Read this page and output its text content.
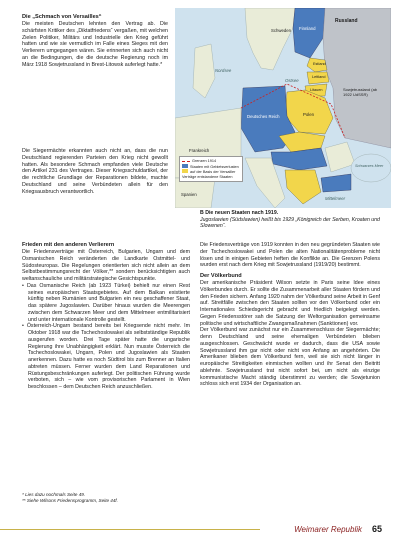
Die „Schmach von Versailles“
Die meisten Deutschen lehnten den Vertrag ab. Die schärfsten Kritiker des „Diktatfriedens“ vergaßen, mit welchen Zielen Politiker, Militärs und Industrielle den Krieg geführt hatten und wie sie vermutlich im Falle eines Sieges mit den Verlierern umgegangen wären. Sie erinnerten sich auch nicht an die Bedingungen, die die deutsche Regierung noch im März 1918 Sowjetrussland in Brest-Litowsk auferlegt hatte.*
Die Siegermächte erkannten auch nicht an, dass die nun Deutschland regierenden Parteien den Krieg nicht gewollt hatten. Als besondere Schmach empfanden viele Deutsche den Artikel 231 des Vertrages. Dieser Kriegsschuldartikel, der die rechtliche Grundlage der Reparationen bildete, machte Deutschland und seine Verbündeten allein für den Kriegsausbruch verantwortlich.
Schweden Finnland
Russland
Sowjetrussland (ab 1922 UdSSR)
Estland
Lettland
Litauen
Polen
Deutsches Reich
Nordsee
Ostsee
Frankreich
Spanien
Schwarzes Meer
Mittelmeer
Grenzen 1914
Staaten mit Gebietsverlusten
auf der Basis der Versailler Verträge entstandene Staaten
B Die neuen Staaten nach 1919.
Jugoslawien (Südslawien) heißt bis 1929 „Königreich der Serben, Kroaten und Slowenen“.
Frieden mit den anderen Verlierern
Die Friedensverträge mit Österreich, Bulgarien, Ungarn und dem Osmanischen Reich veränderten die Landkarte Ostmittel- und Südosteuropas. Die Regelungen orientierten sich nicht allein an dem Selbstbestimmungsrecht der Völker,** sondern berücksichtigten auch weltanschauliche und militärstrategische Gesichtspunkte.
• Das Osmanische Reich (ab 1923 Türkei) behielt nur einen Rest seines europäischen Staatsgebietes. Auf dem Balkan existierte künftig neben Rumänien und Bulgarien ein neu geschaffener Staat, das spätere Jugoslawien. Darüber hinaus wurden die Meerengen zwischen dem Schwarzen Meer und dem Mittelmeer entmilitarisiert und unter internationale Kontrolle gestellt.
• Österreich-Ungarn bestand bereits bei Kriegsende nicht mehr. Im Oktober 1918 war die Tschechoslowakei als selbstständige Republik ausgerufen worden. Drei Tage später hatte die ungarische Regierung ihre Unabhängigkeit erklärt. Nun musste Österreich die Tschechoslowakei, Ungarn, Polen und Jugoslawien als Staaten anerkennen. Dazu hatte es noch Südtirol bis zum Brenner an Italien abtreten müssen. Ferner wurden dem Land Reparationen und Rüstungsbeschränkungen auferlegt. Der politischen Führung wurde verboten, sich – wie vom provisorischen Parlament in Wien beschlossen – dem Deutschen Reich anzuschließen.
* Lies dazu nochmals Seite 49.
** Siehe Wilsons Friedensprogramm, Seite 44f.
Die Friedensverträge von 1919 konnten in den neu gegründeten Staaten wie der Tschechoslowakei und Polen die alten Nationalitätenprobleme nicht lösen und in einigen Gebieten heften die Konflikte an. Die Grenzen Polens wurden erst nach dem Krieg mit Sowjetrussland (1919/20) bestimmt.
Der Völkerbund
Der amerikanische Präsident Wilson setzte in Paris seine Idee eines Völkerbundes durch. Er sollte die Zusammenarbeit aller Staaten fördern und den Frieden sichern. Anfang 1920 nahm der Völkerbund seine Arbeit in Genf auf. Streitfälle zwischen den Staaten sollten vor den Völkerbund oder ein Internationales Schiedsgericht gebracht und friedlich beigelegt werden. Gegen Friedensstörer sah die Satzung der Weltorganisation gemeinsame politische und wirtschaftliche Zwangsmaßnahmen (Sanktionen) vor.
Der Völkerbund war zunächst nur ein Zusammenschluss der Siegermächte; denn Deutschland und seine ehemaligen Verbündeten blieben ausgeschlossen. Geschwächt wurde er dadurch, dass die USA sowie Sowjetrussland ihm gar nicht oder nicht von Anfang an angehörten. Die Amerikaner blieben dem Völkerbund fern, weil sie sich nicht länger in europäische Streitigkeiten einmischen wollten und ihr Senat den Beitritt ablehnte. Sowjetrussland trat nicht sofort bei, um nicht als einzige kommunistische Macht ständig überstimmt zu werden; die Sowjetunion schloss sich erst 1934 der Organisation an.
Weimarer Republik 65
